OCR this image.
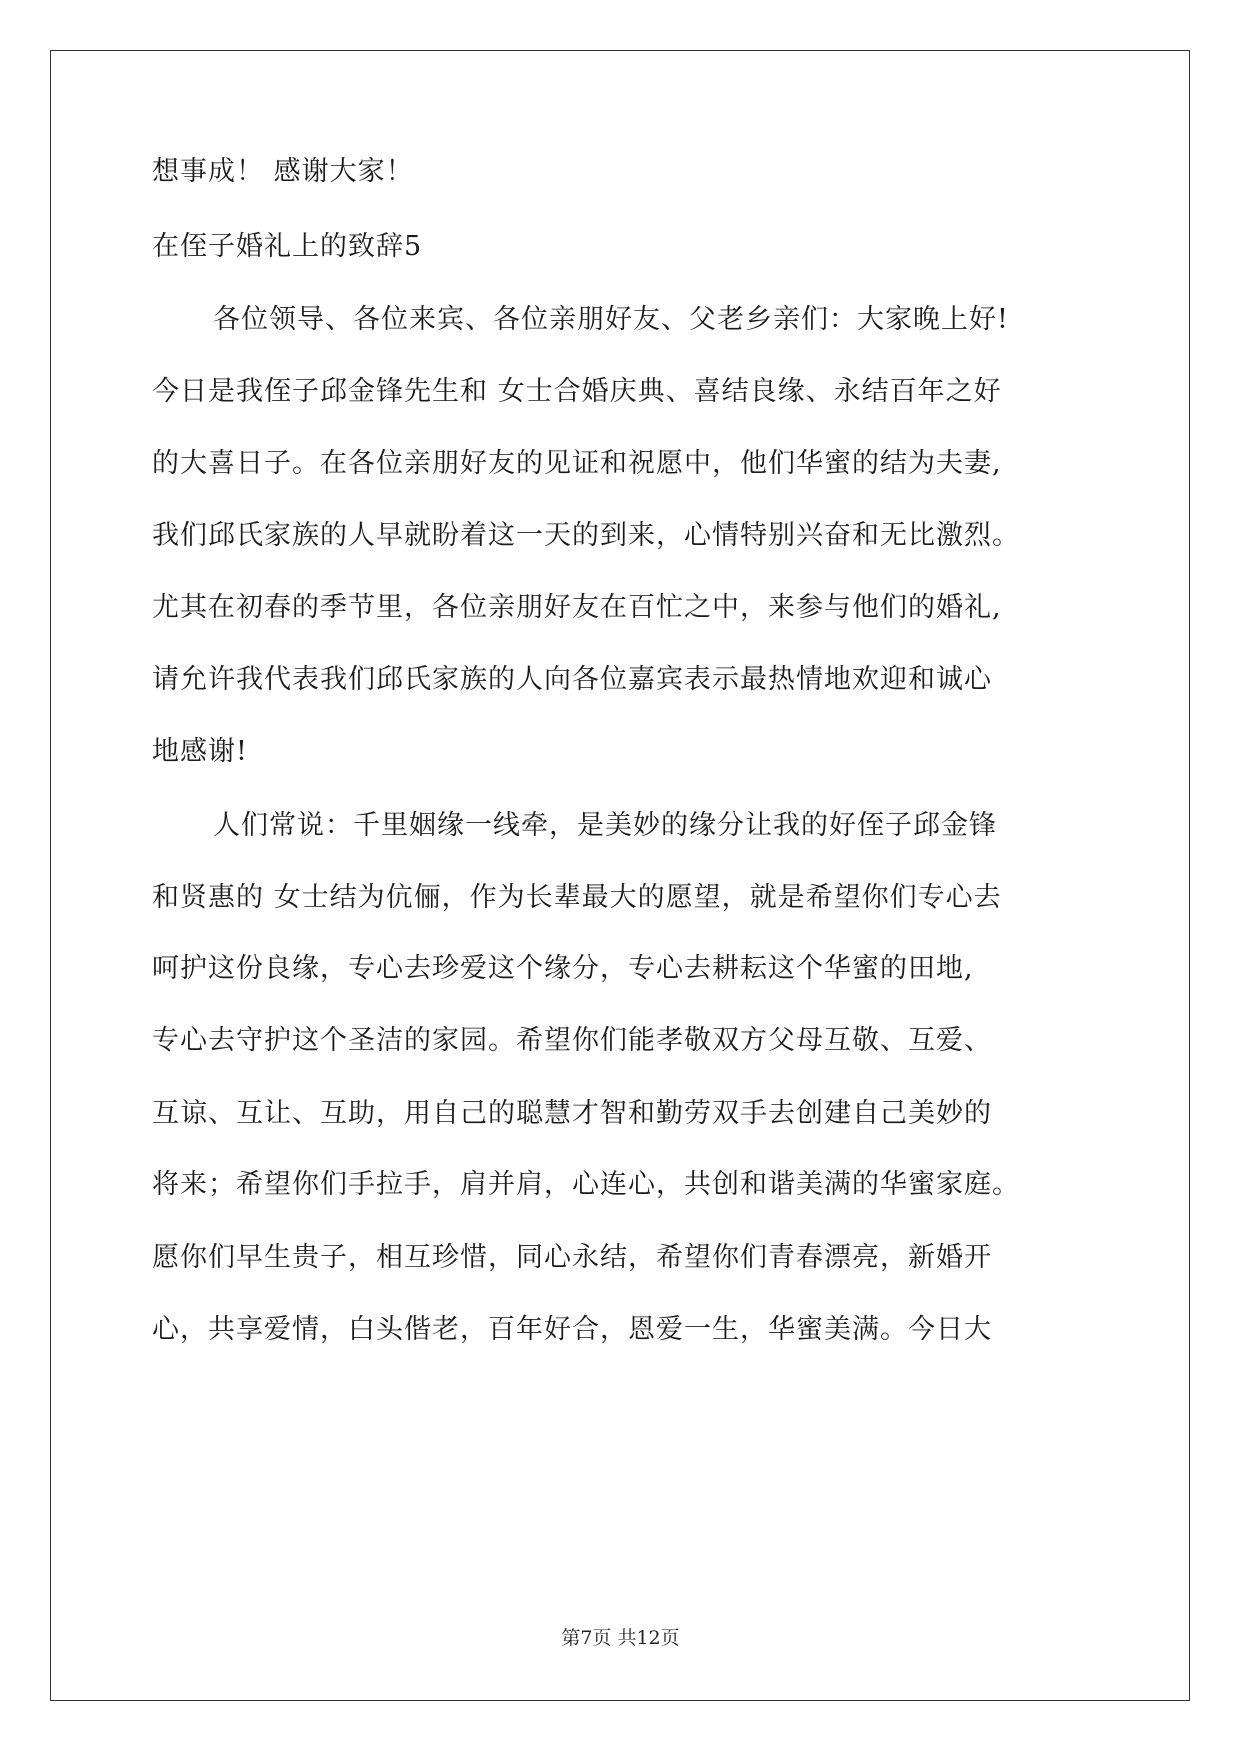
想事成！ 感谢大家！
在侄子婚礼上的致辞5
各位领导、各位来宾、各位亲朋好友、父老乡亲们：大家晚上好!
今日是我侄子邱金锋先生和 女士合婚庆典、喜结良缘、永结百年之好
的大喜日子。在各位亲朋好友的见证和祝愿中，他们华蜜的结为夫妻,
我们邱氏家族的人早就盼着这一天的到来，心情特别兴奋和无比激烈。
尤其在初春的季节里，各位亲朋好友在百忙之中，来参与他们的婚礼,
请允许我代表我们邱氏家族的人向各位嘉宾表示最热情地欢迎和诚心
地感谢!
人们常说：千里姻缘一线牵，是美妙的缘分让我的好侄子邱金锋
和贤惠的 女士结为伉俪，作为长辈最大的愿望，就是希望你们专心去
呵护这份良缘，专心去珍爱这个缘分，专心去耕耘这个华蜜的田地,
专心去守护这个圣洁的家园。希望你们能孝敬双方父母互敬、互爱、
互谅、互让、互助，用自己的聪慧才智和勤劳双手去创建自己美妙的
将来；希望你们手拉手，肩并肩，心连心，共创和谐美满的华蜜家庭。
愿你们早生贵子，相互珍惜，同心永结，希望你们青春漂亮，新婚开
心，共享爱情，白头偕老，百年好合，恩爱一生，华蜜美满。今日大
第7页 共12页
